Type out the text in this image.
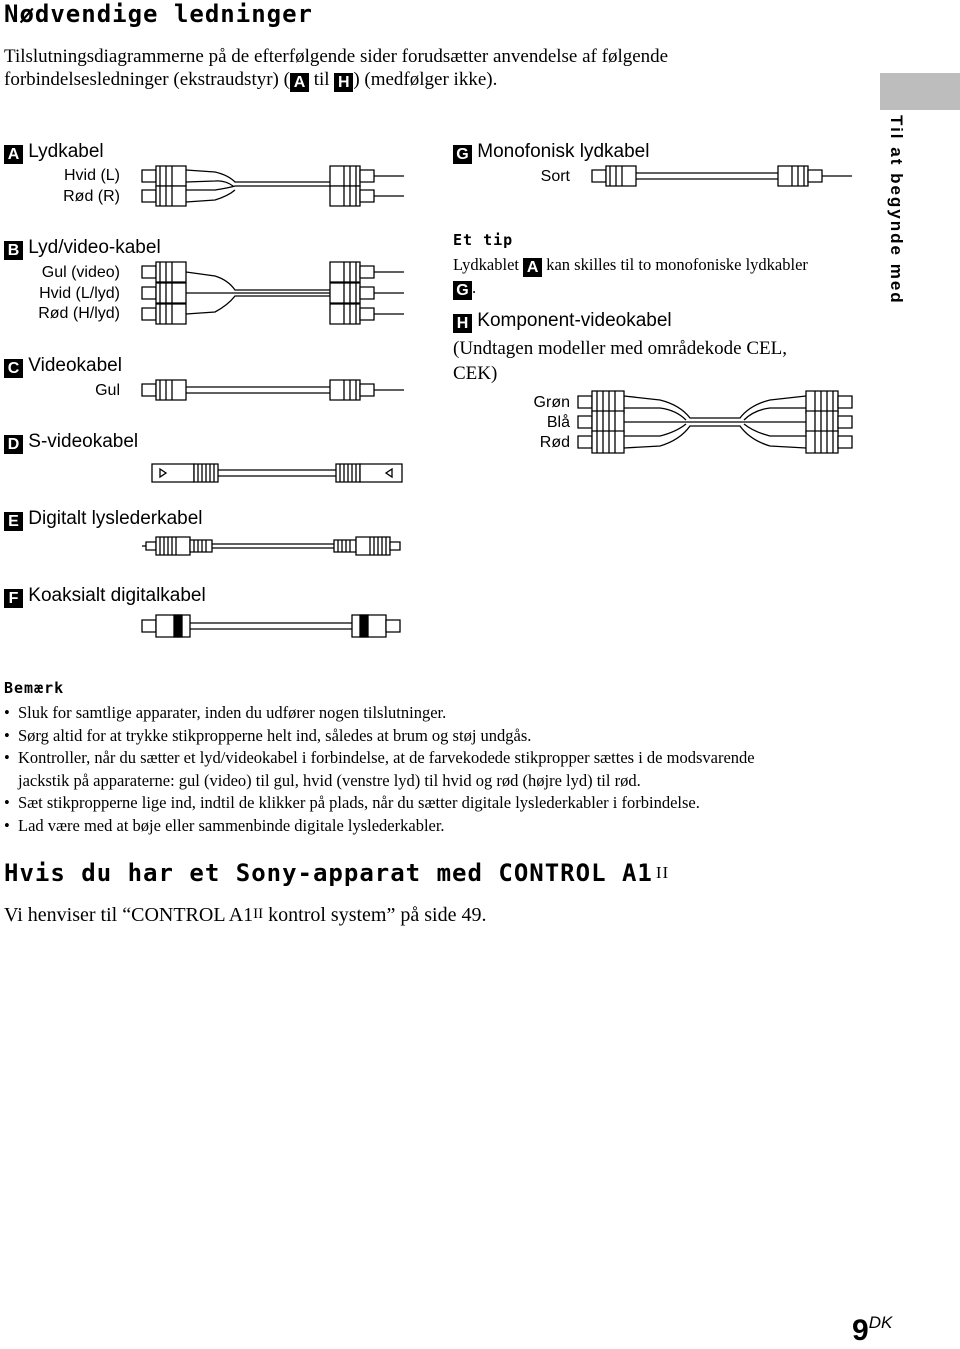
Nødvendige ledninger
Tilslutningsdiagrammerne på de efterfølgende sider forudsætter anvendelse af følgende
forbindelsesledninger (ekstraudstyr) ( A til H ) (medfølger ikke).
Til at begynde med
A Lydkabel
Hvid (L)
Rød (R)
B Lyd/video-kabel
Gul (video)
Hvid (L/lyd)
Rød (H/lyd)
C Videokabel
Gul
D S-videokabel
G Monofonisk lydkabel
Sort
Et tip
Lydkablet A kan skilles til to monofoniske lydkabler
G .
H Komponent-videokabel
(Undtagen modeller med områdekode CEL,
CEK)
Grøn
Blå
Rød
E Digitalt lyslederkabel
F Koaksialt digitalkabel
Bemærk
• Sluk for samtlige apparater, inden du udfører nogen tilslutninger.
• Sørg altid for at trykke stikpropperne helt ind, således at brum og støj undgås.
• Kontroller, når du sætter et lyd/videokabel i forbindelse, at de farvekodede stikpropper sættes i de modsvarende
jackstik på apparaterne: gul (video) til gul, hvid (venstre lyd) til hvid og rød (højre lyd) til rød.
• Sæt stikpropperne lige ind, indtil de klikker på plads, når du sætter digitale lyslederkabler i forbindelse.
• Lad være med at bøje eller sammenbinde digitale lyslederkabler.
Hvis du har et Sony-apparat med CONTROL A1 II
Vi henviser til “CONTROL A1II kontrol system” på side 49.
9DK
